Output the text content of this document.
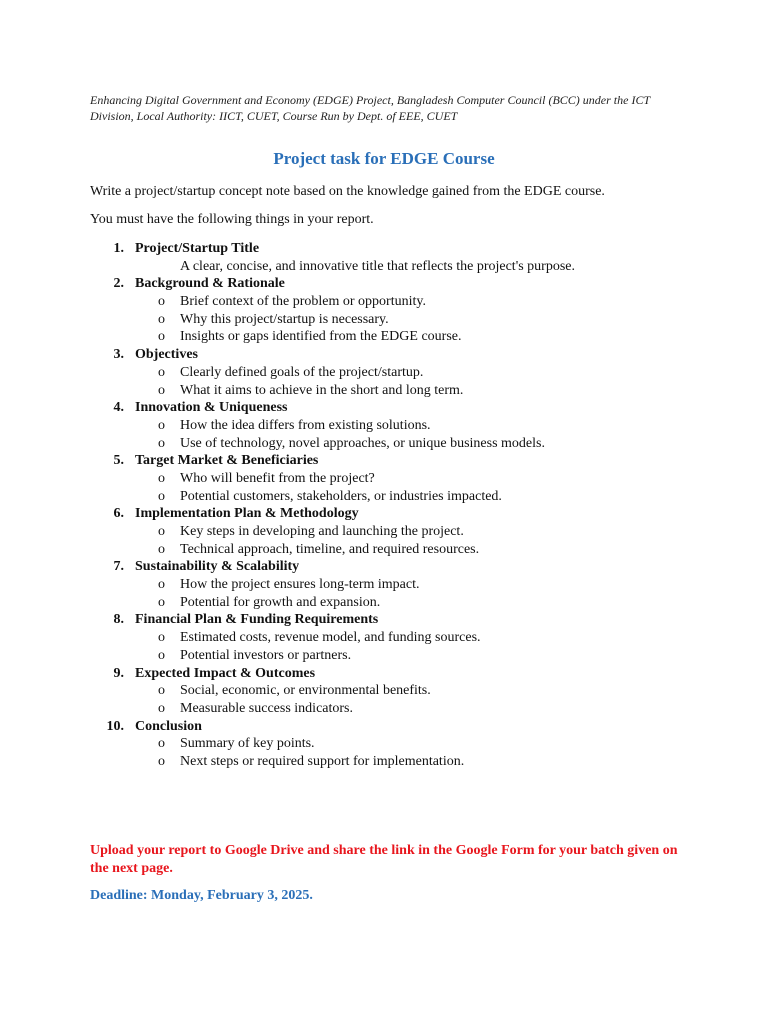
Enhancing Digital Government and Economy (EDGE) Project, Bangladesh Computer Council (BCC) under the ICT Division, Local Authority: IICT, CUET, Course Run by Dept. of EEE, CUET
Project task for EDGE Course
Write a project/startup concept note based on the knowledge gained from the EDGE course.
You must have the following things in your report.
1. Project/Startup Title
A clear, concise, and innovative title that reflects the project's purpose.
2. Background & Rationale
o Brief context of the problem or opportunity.
o Why this project/startup is necessary.
o Insights or gaps identified from the EDGE course.
3. Objectives
o Clearly defined goals of the project/startup.
o What it aims to achieve in the short and long term.
4. Innovation & Uniqueness
o How the idea differs from existing solutions.
o Use of technology, novel approaches, or unique business models.
5. Target Market & Beneficiaries
o Who will benefit from the project?
o Potential customers, stakeholders, or industries impacted.
6. Implementation Plan & Methodology
o Key steps in developing and launching the project.
o Technical approach, timeline, and required resources.
7. Sustainability & Scalability
o How the project ensures long-term impact.
o Potential for growth and expansion.
8. Financial Plan & Funding Requirements
o Estimated costs, revenue model, and funding sources.
o Potential investors or partners.
9. Expected Impact & Outcomes
o Social, economic, or environmental benefits.
o Measurable success indicators.
10. Conclusion
o Summary of key points.
o Next steps or required support for implementation.
Upload your report to Google Drive and share the link in the Google Form for your batch given on the next page.
Deadline: Monday, February 3, 2025.
